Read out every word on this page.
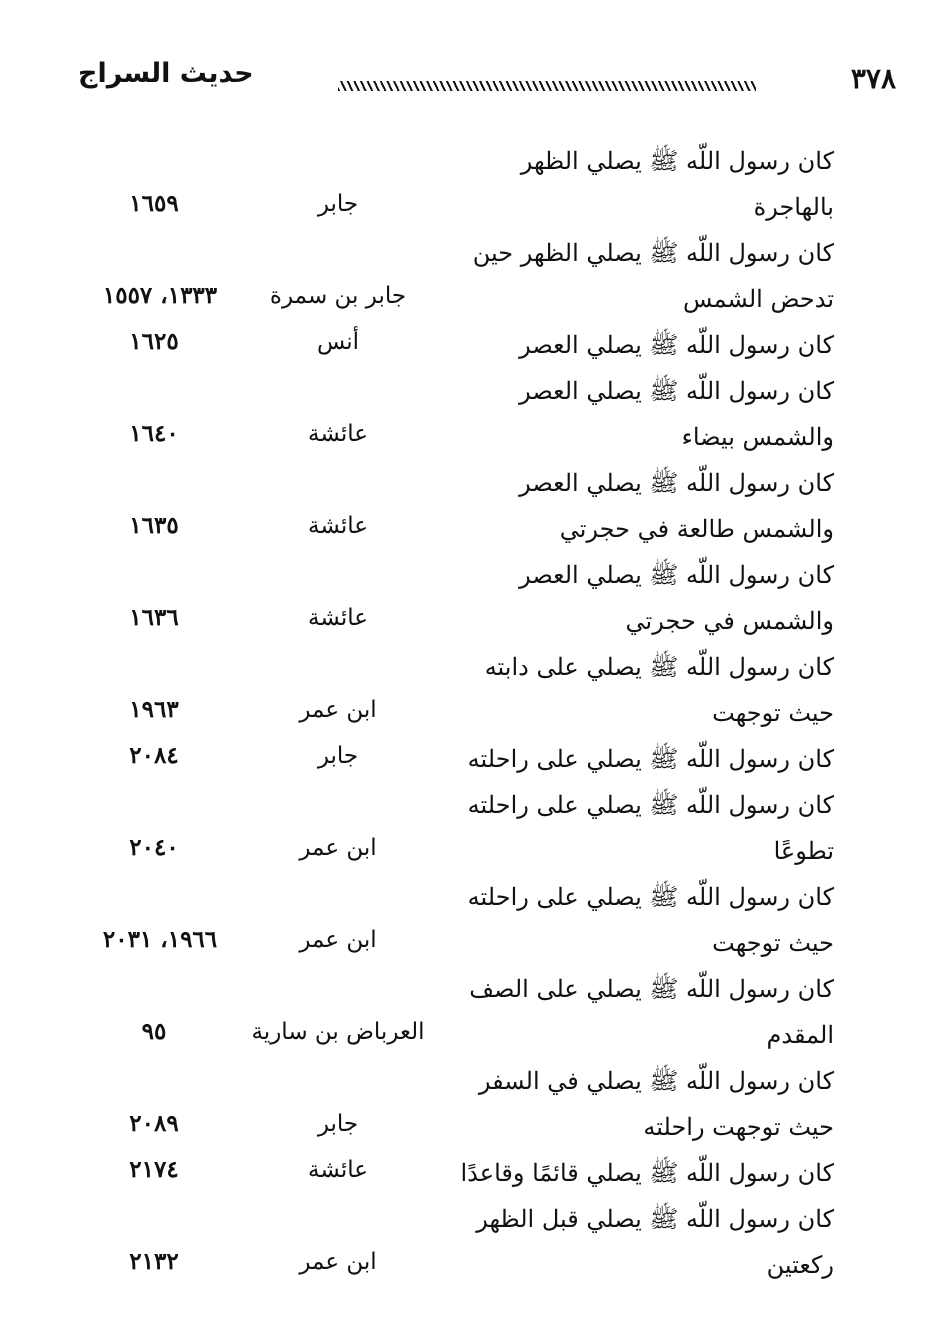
حديث السراج	٣٧٨
كان رسول اللّه ﷺ يصلي الظهر
بالهاجرة
جابر
١٦٥٩
كان رسول اللّه ﷺ يصلي الظهر حين
تدحض الشمس
جابر بن سمرة
١٣٣٣، ١٥٥٧
كان رسول اللّه ﷺ يصلي العصر
أنس
١٦٢٥
كان رسول اللّه ﷺ يصلي العصر
والشمس بيضاء
عائشة
١٦٤٠
كان رسول اللّه ﷺ يصلي العصر
والشمس طالعة في حجرتي
عائشة
١٦٣٥
كان رسول اللّه ﷺ يصلي العصر
والشمس في حجرتي
عائشة
١٦٣٦
كان رسول اللّه ﷺ يصلي على دابته
حيث توجهت
ابن عمر
١٩٦٣
كان رسول اللّه ﷺ يصلي على راحلته
جابر
٢٠٨٤
كان رسول اللّه ﷺ يصلي على راحلته
تطوعًا
ابن عمر
٢٠٤٠
كان رسول اللّه ﷺ يصلي على راحلته
حيث توجهت
ابن عمر
١٩٦٦، ٢٠٣١
كان رسول اللّه ﷺ يصلي على الصف
المقدم
العرباض بن سارية
٩٥
كان رسول اللّه ﷺ يصلي في السفر
حيث توجهت راحلته
جابر
٢٠٨٩
كان رسول اللّه ﷺ يصلي قائمًا وقاعدًا
عائشة
٢١٧٤
كان رسول اللّه ﷺ يصلي قبل الظهر
ركعتين
ابن عمر
٢١٣٢
